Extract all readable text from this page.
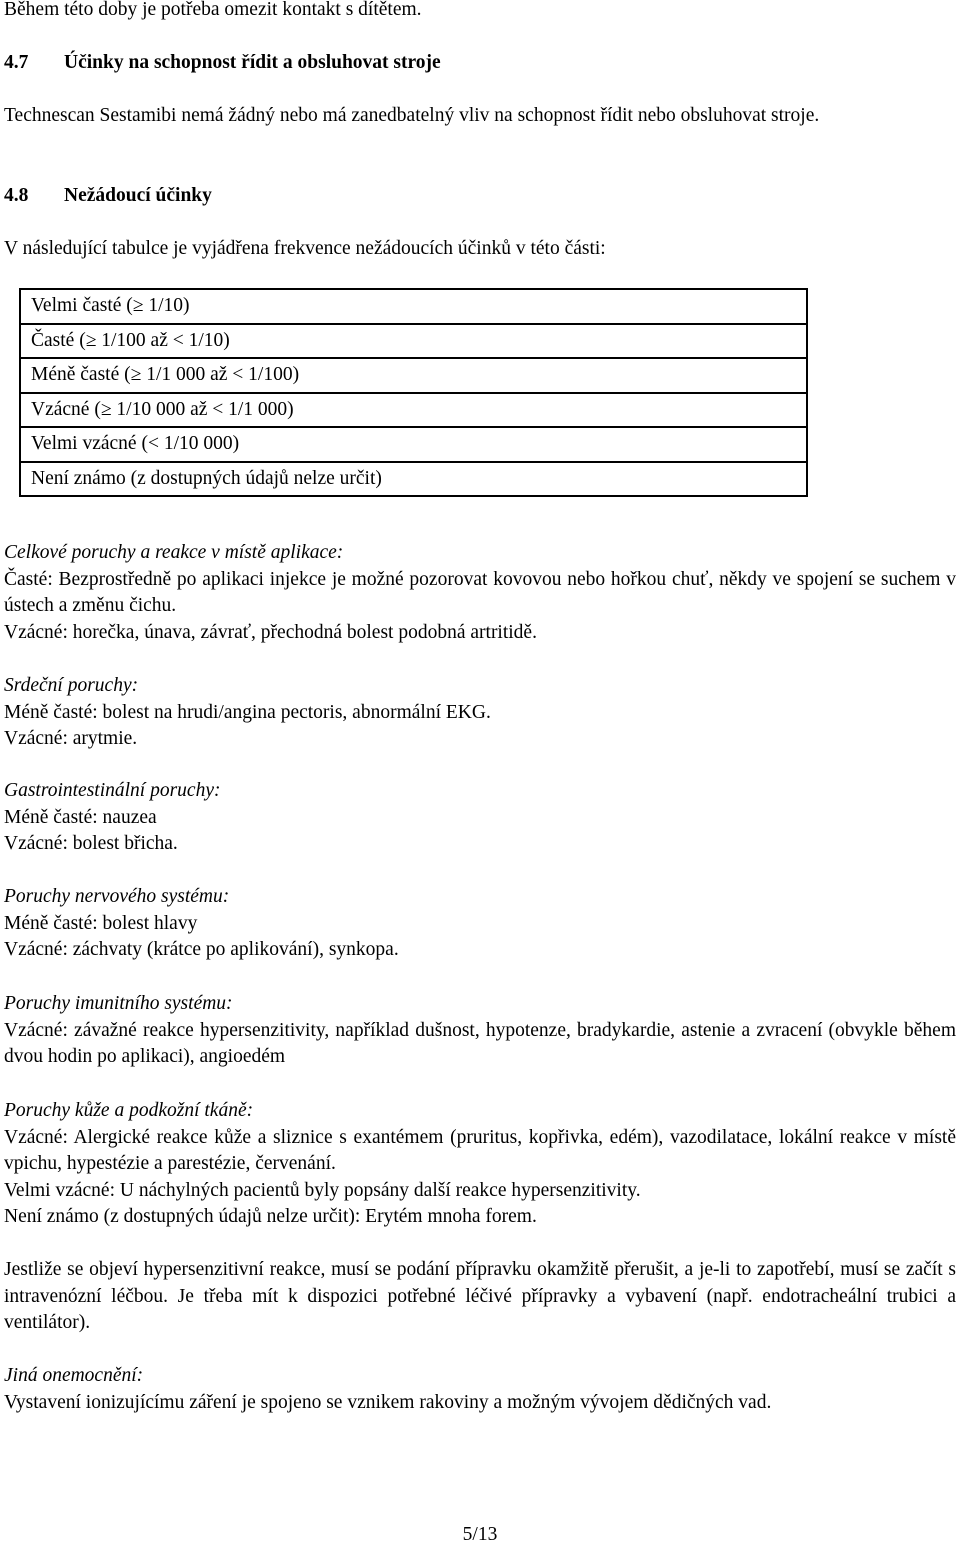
Během této doby je potřeba omezit kontakt s dítětem.

4.7 Účinky na schopnost řídit a obsluhovat stroje

Technescan Sestamibi nemá žádný nebo má zanedbatelný vliv na schopnost řídit nebo obsluhovat stroje.

4.8 Nežádoucí účinky

V následující tabulce je vyjádřena frekvence nežádoucích účinků v této části:

Velmi časté (≥ 1/10)
Časté (≥ 1/100 až < 1/10)
Méně časté (≥ 1/1 000 až < 1/100)
Vzácné (≥ 1/10 000 až < 1/1 000)
Velmi vzácné (< 1/10 000)
Není známo (z dostupných údajů nelze určit)
Celkové poruchy a reakce v místě aplikace:
Časté: Bezprostředně po aplikaci injekce je možné pozorovat kovovou nebo hořkou chuť, někdy ve spojení se suchem v ústech a změnu čichu.
Vzácné: horečka, únava, závrať, přechodná bolest podobná artritidě.
Srdeční poruchy:
Méně časté: bolest na hrudi/angina pectoris, abnormální EKG.
Vzácné: arytmie.
Gastrointestinální poruchy:
Méně časté: nauzea
Vzácné: bolest břicha.
Poruchy nervového systému:
Méně časté: bolest hlavy
Vzácné: záchvaty (krátce po aplikování), synkopa.
Poruchy imunitního systému:
Vzácné: závažné reakce hypersenzitivity, například dušnost, hypotenze, bradykardie, astenie a zvracení (obvykle během dvou hodin po aplikaci), angioedém
Poruchy kůže a podkožní tkáně:
Vzácné: Alergické reakce kůže a sliznice s exantémem (pruritus, kopřivka, edém), vazodilatace, lokální reakce v místě vpichu, hypestézie a parestézie, červenání.
Velmi vzácné: U náchylných pacientů byly popsány další reakce hypersenzitivity.
Není známo (z dostupných údajů nelze určit): Erytém mnoha forem.

Jestliže se objeví hypersenzitivní reakce, musí se podání přípravku okamžitě přerušit, a je-li to zapotřebí, musí se začít s intravenózní léčbou. Je třeba mít k dispozici potřebné léčivé přípravky a vybavení (např. endotracheální trubici a ventilátor).

Jiná onemocnění:
Vystavení ionizujícímu záření je spojeno se vznikem rakoviny a možným vývojem dědičných vad.
5/13
